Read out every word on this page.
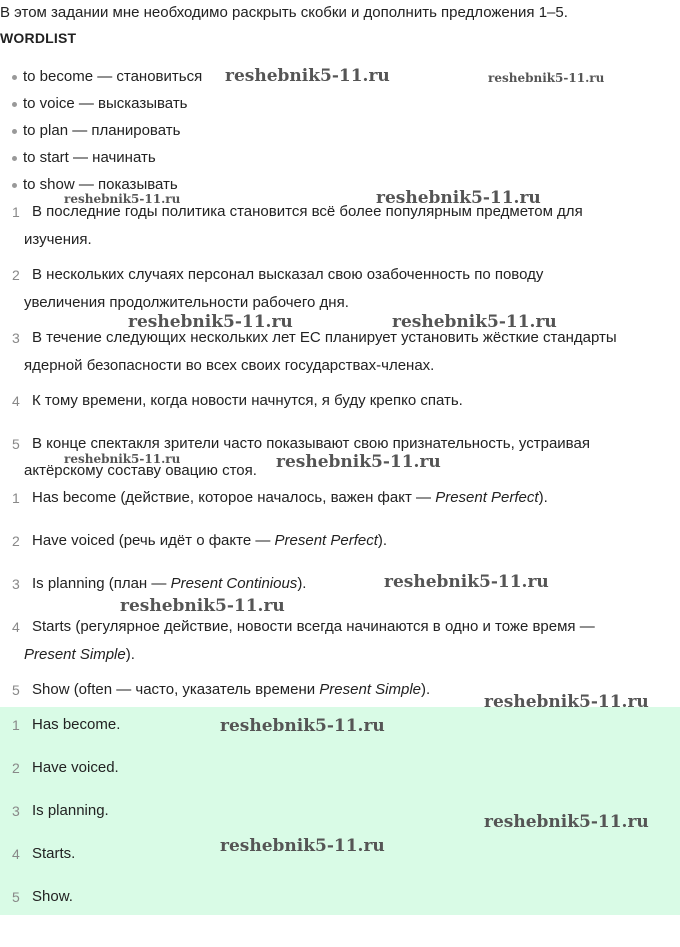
В этом задании мне необходимо раскрыть скобки и дополнить предложения 1–5.
WORDLIST
to become — становиться
to voice — высказывать
to plan — планировать
to start — начинать
to show — показывать
1 В последние годы политика становится всё более популярным предметом для
изучения.
2 В нескольких случаях персонал высказал свою озабоченность по поводу
увеличения продолжительности рабочего дня.
3 В течение следующих нескольких лет ЕС планирует установить жёсткие стандарты
ядерной безопасности во всех своих государствах-членах.
4 К тому времени, когда новости начнутся, я буду крепко спать.
5 В конце спектакля зрители часто показывают свою признательность, устраивая
актёрскому составу овацию стоя.
1 Has become (действие, которое началось, важен факт — Present Perfect).
2 Have voiced (речь идёт о факте — Present Perfect).
3 Is planning (план — Present Continious).
4 Starts (регулярное действие, новости всегда начинаются в одно и тоже время —
Present Simple).
5 Show (often — часто, указатель времени Present Simple).
1 Has become.
2 Have voiced.
3 Is planning.
4 Starts.
5 Show.
reshebnik5-11.ru	reshebnik5-11.ru
reshebnik5-11.ru	reshebnik5-11.ru
reshebnik5-11.ru	reshebnik5-11.ru
reshebnik5-11.ru	reshebnik5-11.ru
reshebnik5-11.ru
reshebnik5-11.ru
reshebnik5-11.ru
reshebnik5-11.ru
reshebnik5-11.ru
reshebnik5-11.ru
